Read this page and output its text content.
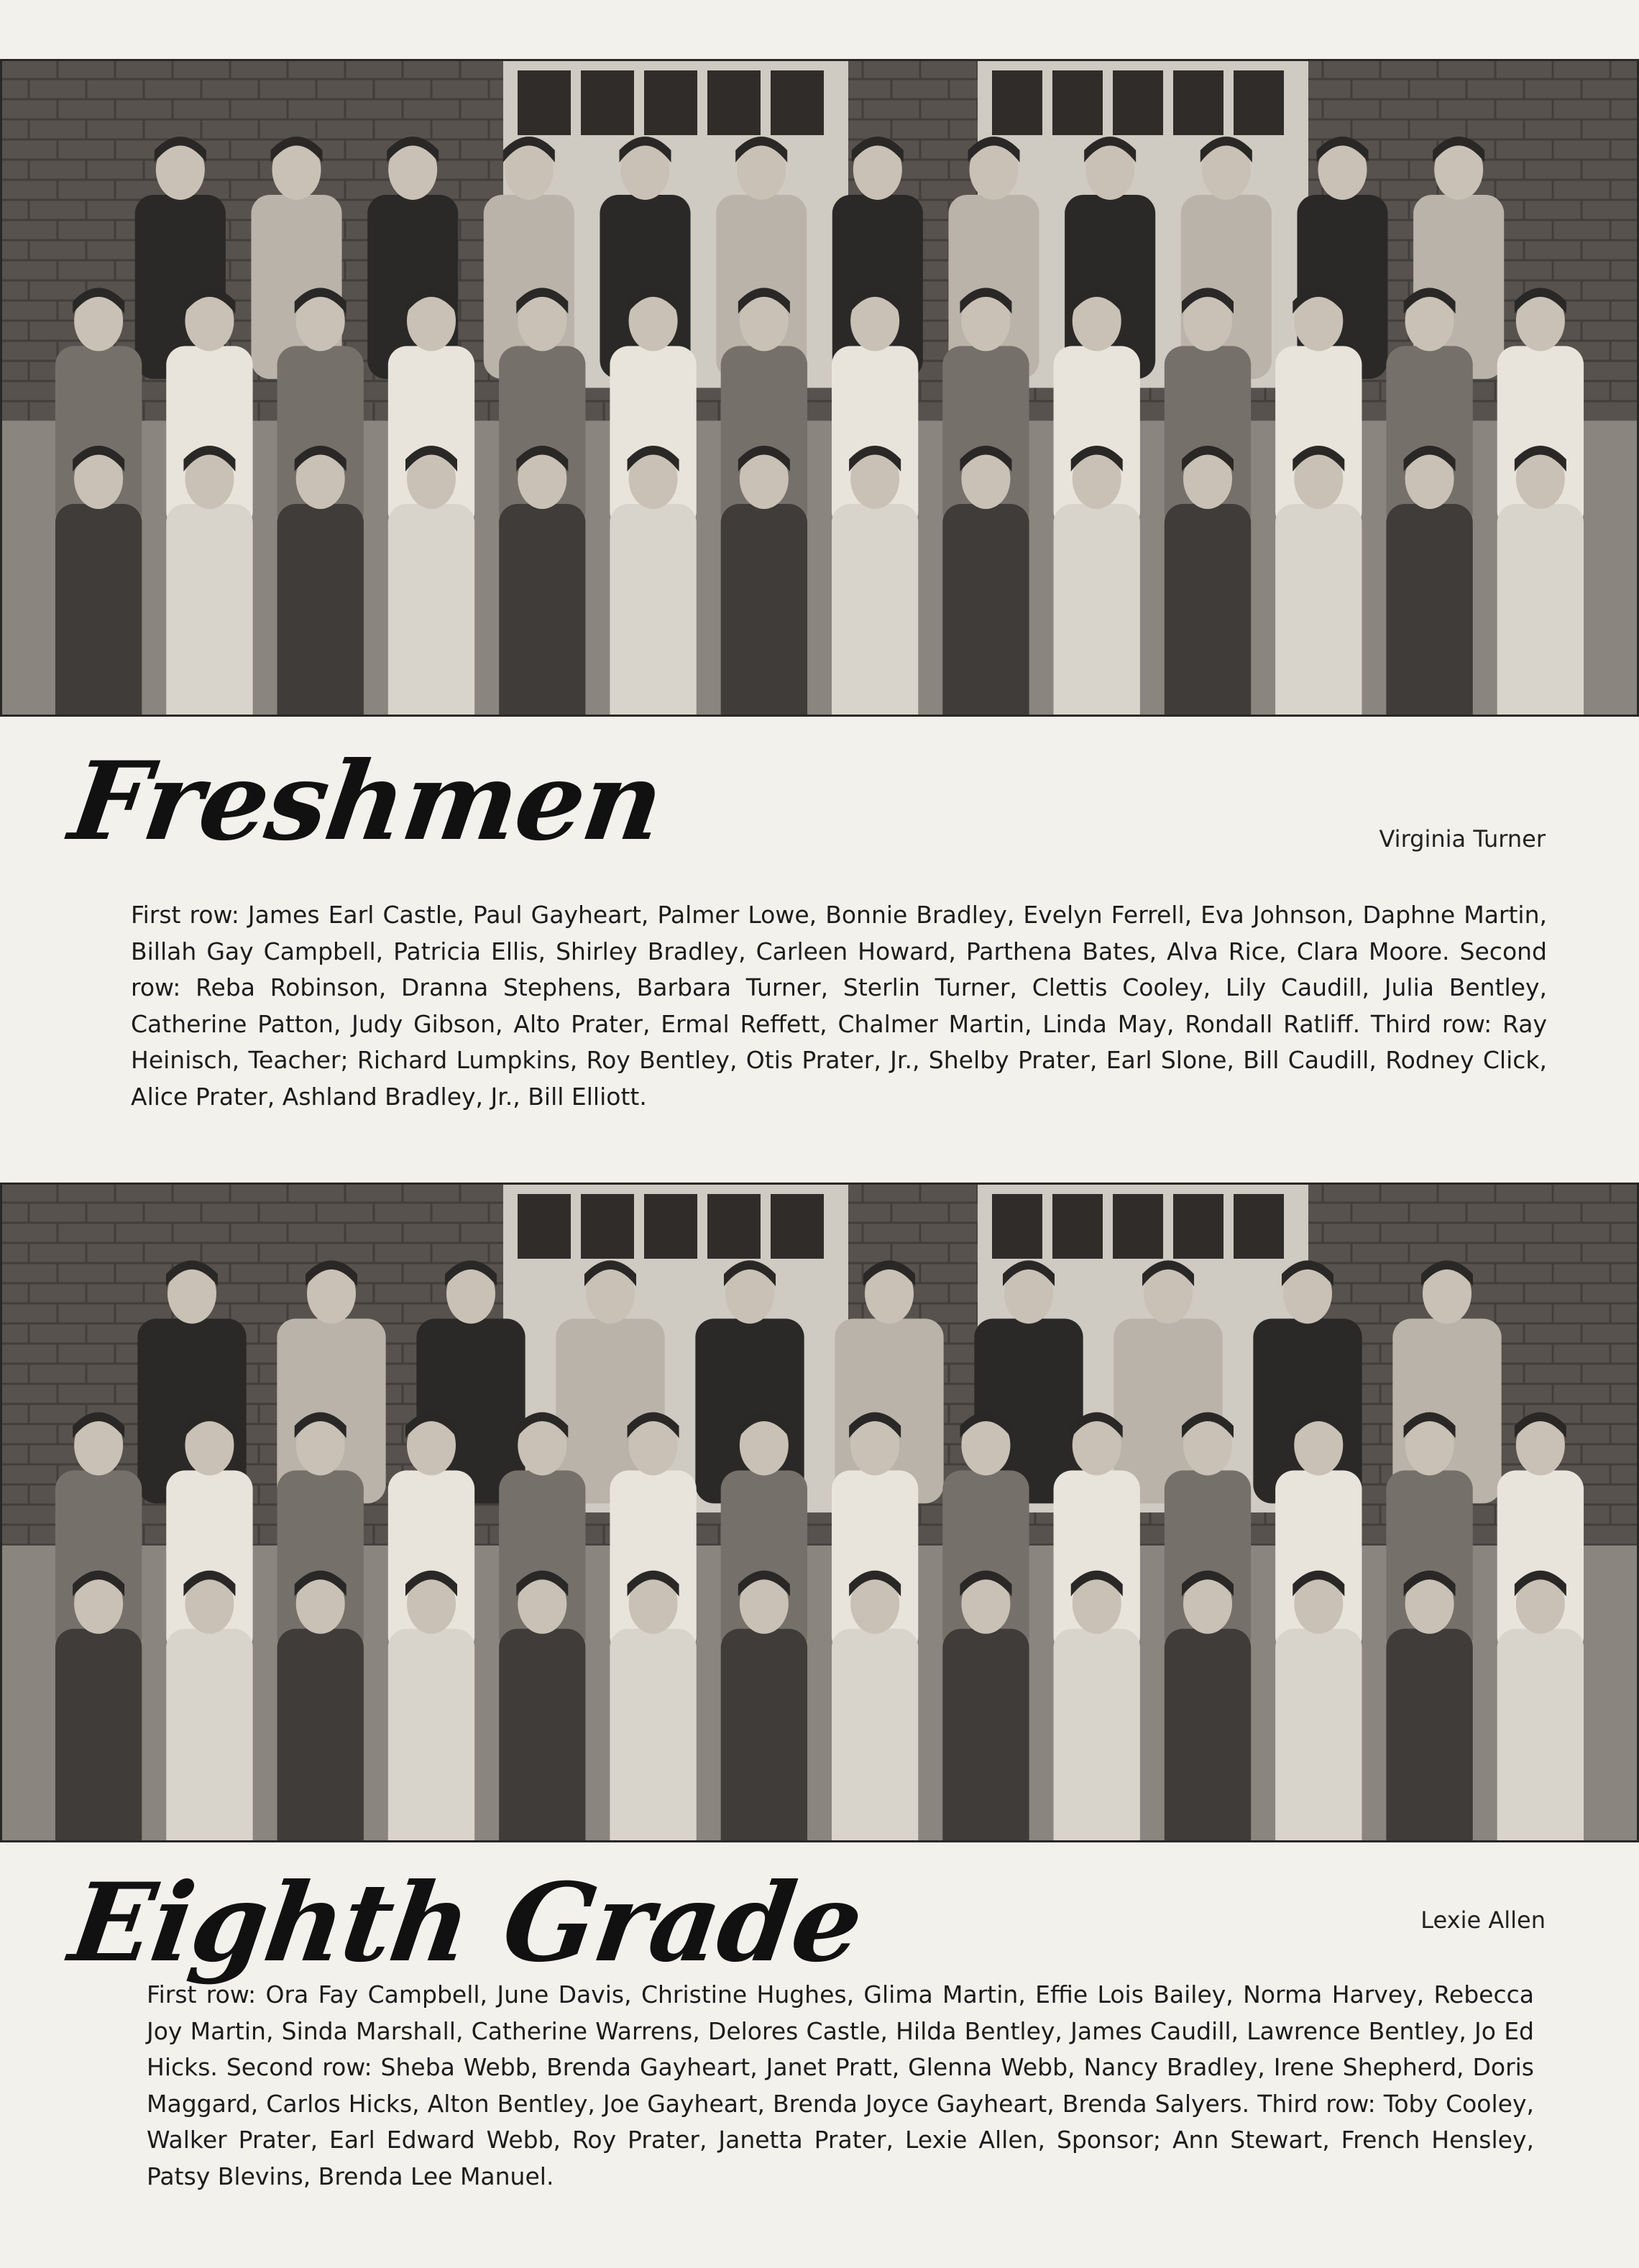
Freshmen	Virginia Turner

First row: James Earl Castle, Paul Gayheart, Palmer Lowe, Bonnie Bradley, Evelyn Ferrell, Eva Johnson, Daphne Martin, Billah Gay Campbell, Patricia Ellis, Shirley Bradley, Carleen Howard, Parthena Bates, Alva Rice, Clara Moore. Second row: Reba Robinson, Dranna Stephens, Barbara Turner, Sterlin Turner, Clettis Cooley, Lily Caudill, Julia Bentley, Catherine Patton, Judy Gibson, Alto Prater, Ermal Reffett, Chalmer Martin, Linda May, Rondall Ratliff. Third row: Ray Heinisch, Teacher; Richard Lumpkins, Roy Bentley, Otis Prater, Jr., Shelby Prater, Earl Slone, Bill Caudill, Rodney Click, Alice Prater, Ashland Bradley, Jr., Bill Elliott.

Eighth Grade	Lexie Allen

First row: Ora Fay Campbell, June Davis, Christine Hughes, Glima Martin, Effie Lois Bailey, Norma Harvey, Rebecca Joy Martin, Sinda Marshall, Catherine Warrens, Delores Castle, Hilda Bentley, James Caudill, Lawrence Bentley, Jo Ed Hicks. Second row: Sheba Webb, Brenda Gayheart, Janet Pratt, Glenna Webb, Nancy Bradley, Irene Shepherd, Doris Maggard, Carlos Hicks, Alton Bentley, Joe Gayheart, Brenda Joyce Gayheart, Brenda Salyers. Third row: Toby Cooley, Walker Prater, Earl Edward Webb, Roy Prater, Janetta Prater, Lexie Allen, Sponsor; Ann Stewart, French Hensley, Patsy Blevins, Brenda Lee Manuel.
